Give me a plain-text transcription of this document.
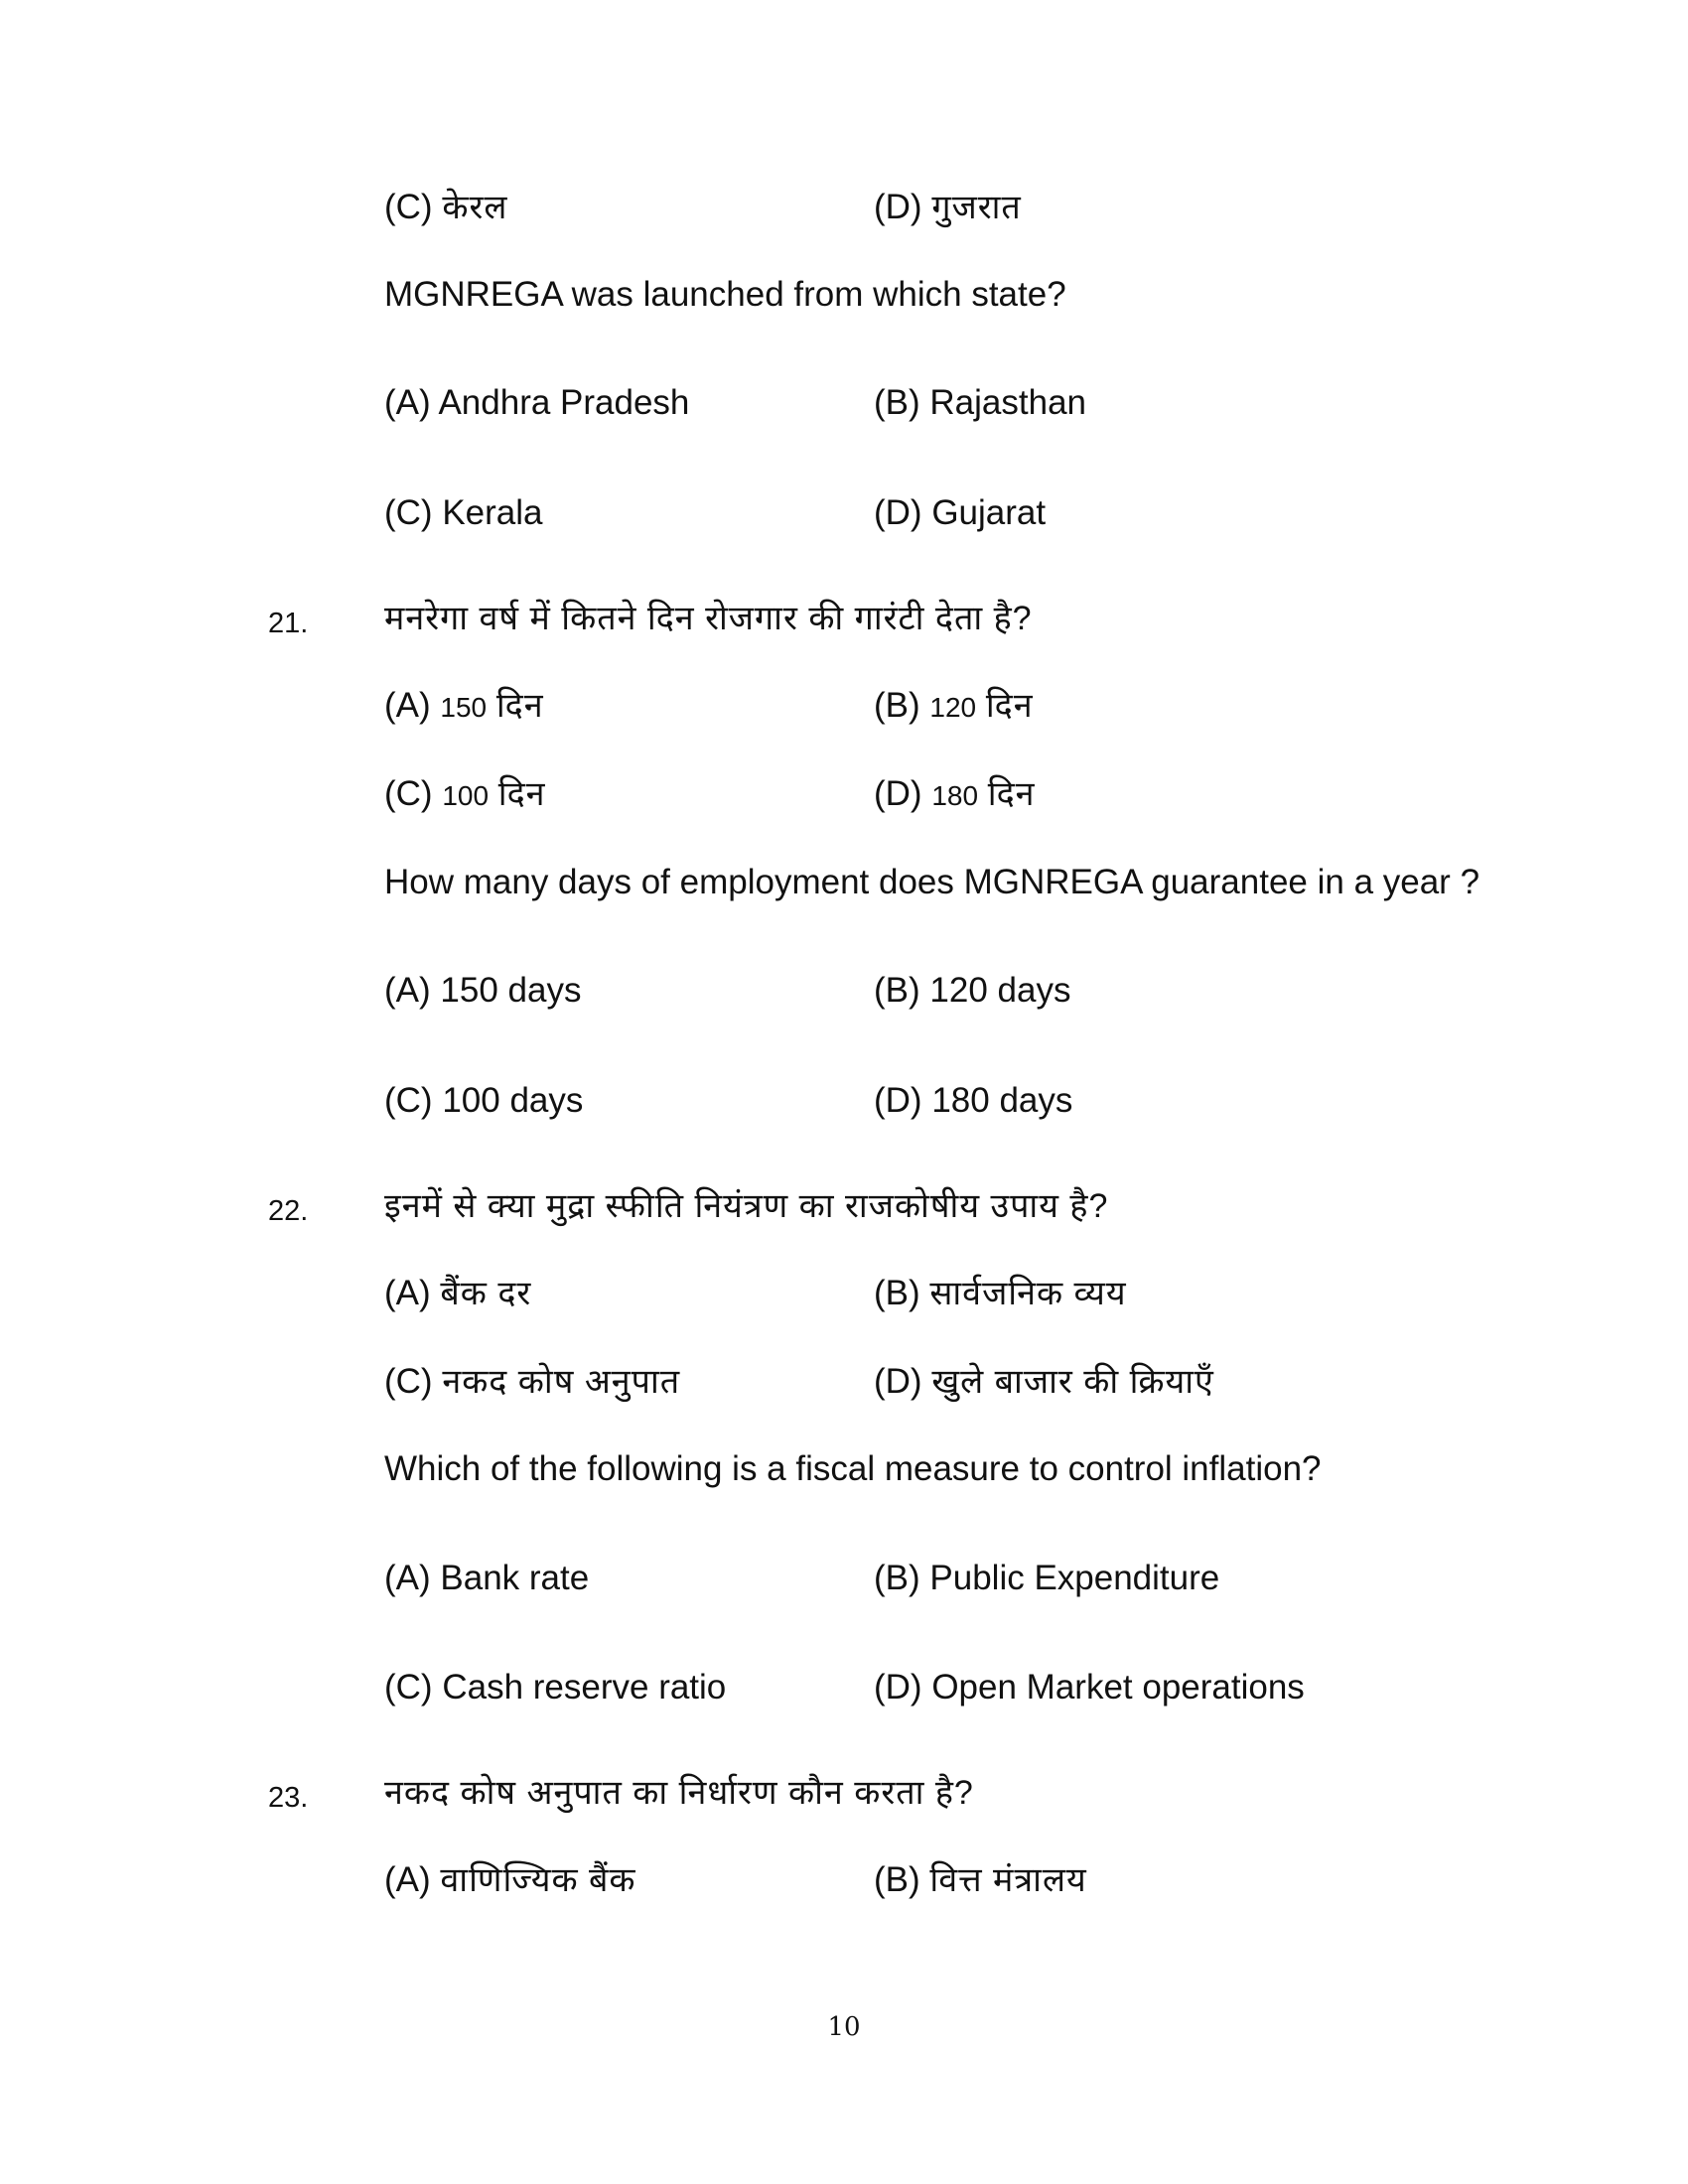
(C) केरल	(D) गुजरात
MGNREGA was launched from which state?
(A) Andhra Pradesh	(B) Rajasthan
(C) Kerala	(D) Gujarat
21. मनरेगा वर्ष में कितने दिन रोजगार की गारंटी देता है?
(A) 150 दिन	(B) 120 दिन
(C) 100 दिन	(D) 180 दिन
How many days of employment does MGNREGA guarantee in a year ?
(A) 150 days	(B) 120 days
(C) 100 days	(D) 180 days
22. इनमें से क्या मुद्रा स्फीति नियंत्रण का राजकोषीय उपाय है?
(A) बैंक दर	(B) सार्वजनिक व्यय
(C) नकद कोष अनुपात	(D) खुले बाजार की क्रियाएँ
Which of the following is a fiscal measure to control inflation?
(A) Bank rate	(B) Public Expenditure
(C) Cash reserve ratio	(D) Open Market operations
23. नकद कोष अनुपात का निर्धारण कौन करता है?
(A) वाणिज्यिक बैंक	(B) वित्त मंत्रालय
10
